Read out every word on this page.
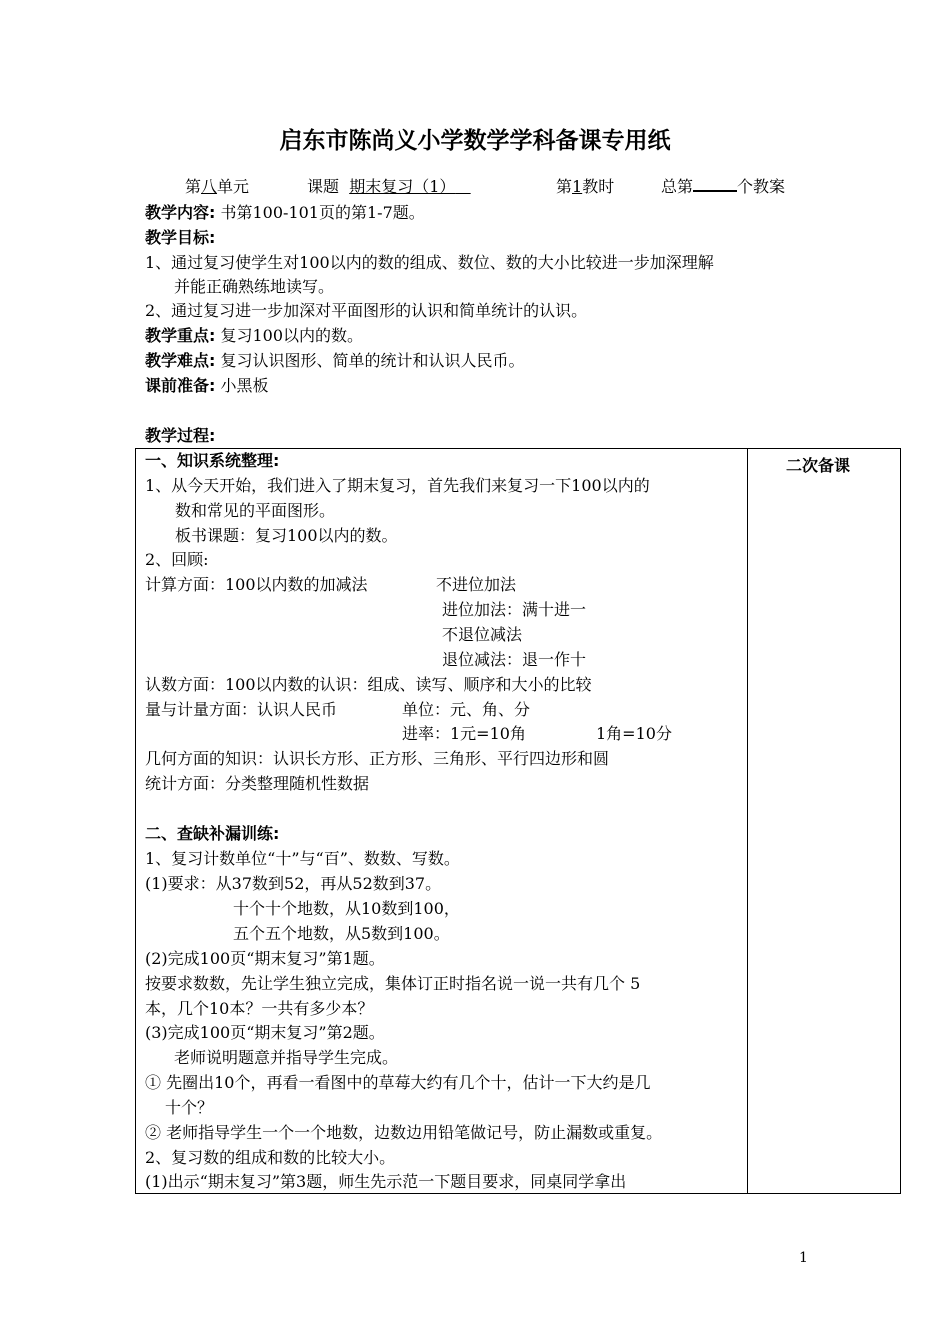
启东市陈尚义小学数学学科备课专用纸
第八单元	课题 期末复习（1）	第1教时	总第	个教案
教学内容: 书第100-101页的第1-7题。
教学目标:
1、通过复习使学生对100以内的数的组成、数位、数的大小比较进一步加深理解
并能正确熟练地读写。
2、通过复习进一步加深对平面图形的认识和简单统计的认识。
教学重点: 复习100以内的数。
教学难点: 复习认识图形、简单的统计和认识人民币。
课前准备: 小黑板
教学过程:
二次备课
一、知识系统整理:
1、从今天开始，我们进入了期末复习，首先我们来复习一下100以内的
数和常见的平面图形。
板书课题：复习100以内的数。
2、回顾:
计算方面：100以内数的加减法	不进位加法
进位加法：满十进一
不退位减法
退位减法：退一作十
认数方面：100以内数的认识：组成、读写、顺序和大小的比较
量与计量方面：认识人民币	单位：元、角、分
进率：1元=10角	1角=10分
几何方面的知识：认识长方形、正方形、三角形、平行四边形和圆
统计方面：分类整理随机性数据
二、查缺补漏训练:
1、复习计数单位“十”与“百”、数数、写数。
(1)要求：从37数到52，再从52数到37。
十个十个地数，从10数到100，
五个五个地数，从5数到100。
(2)完成100页“期末复习”第1题。
按要求数数，先让学生独立完成，集体订正时指名说一说一共有几个 5
本，几个10本？一共有多少本？
(3)完成100页“期末复习”第2题。
老师说明题意并指导学生完成。
① 先圈出10个，再看一看图中的草莓大约有几个十，估计一下大约是几
十个？
② 老师指导学生一个一个地数，边数边用铅笔做记号，防止漏数或重复。
2、复习数的组成和数的比较大小。
(1)出示“期末复习”第3题，师生先示范一下题目要求，同桌同学拿出
1
